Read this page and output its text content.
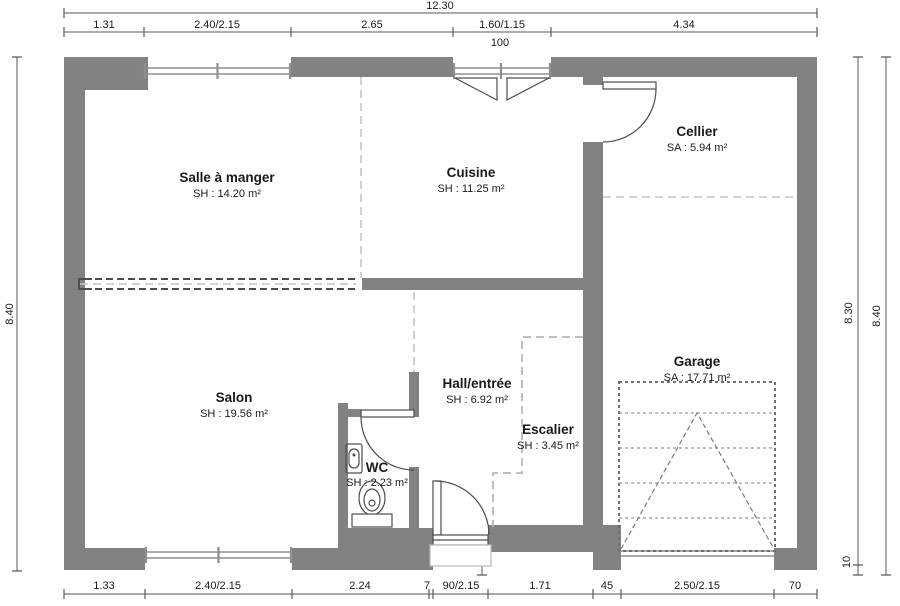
12.30
1.31	2.40/2.15	2.65	1.60/1.15	4.34
100
1.33	2.40/2.15	2.24	7 90/2.15	1.71	45	2.50/2.15	70
8.40	8.30
10
8.40
Salle à manger
SH : 14.20 m²
Cuisine
SH : 11.25 m²
Cellier
SA : 5.94 m²
Salon
SH : 19.56 m²
Hall/entrée
SH : 6.92 m²
Escalier
SH : 3.45 m²
WC
SH : 2.23 m²
Garage
SA : 17.71 m²
